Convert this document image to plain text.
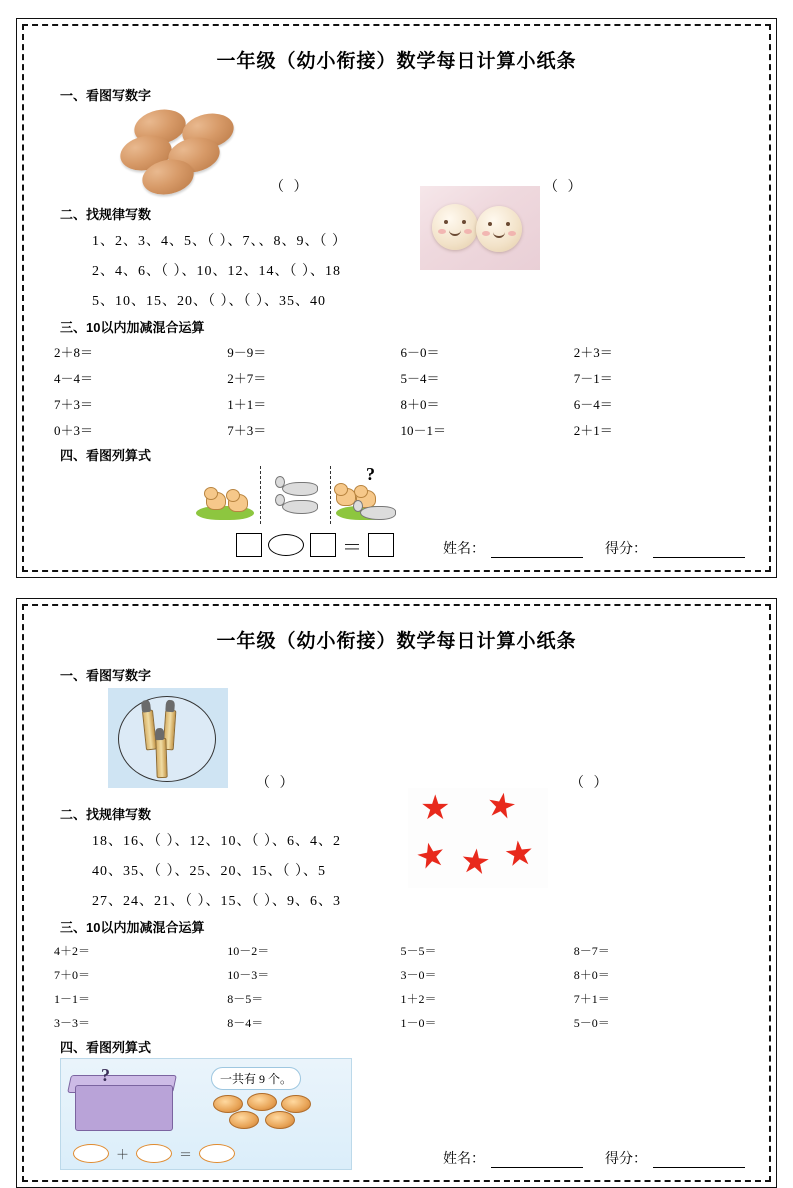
一年级（幼小衔接）数学每日计算小纸条
一、看图写数字
（ ）	（ ）
二、找规律写数
1、2、3、4、5、（ ）、7、、8、9、（ ）
2、4、6、（ ）、10、12、14、（ ）、18
5、10、15、20、（ ）、（ ）、35、40
三、10以内加减混合运算
2＋8＝	9－9＝	6－0＝	2＋3＝
4－4＝	2＋7＝	5－4＝	7－1＝
7＋3＝	1＋1＝	8＋0＝	6－4＝
0＋3＝	7＋3＝	10－1＝	2＋1＝
四、看图列算式
?
＝	姓名：	得分：
一年级（幼小衔接）数学每日计算小纸条
一、看图写数字
（ ）
★ ★
★ ★ ★
（ ）
二、找规律写数
18、16、（ ）、12、10、（ ）、6、4、2
40、35、（ ）、25、20、15、（ ）、5
27、24、21、（ ）、15、（ ）、9、6、3
三、10以内加减混合运算
4＋2＝	10－2＝	5－5＝	8－7＝
7＋0＝	10－3＝	3－0＝	8＋0＝
1－1＝	8－5＝	1＋2＝	7＋1＝
3－3＝	8－4＝	1－0＝	5－0＝
四、看图列算式
?	一共有 9 个。
＋	＝	姓名：	得分：
